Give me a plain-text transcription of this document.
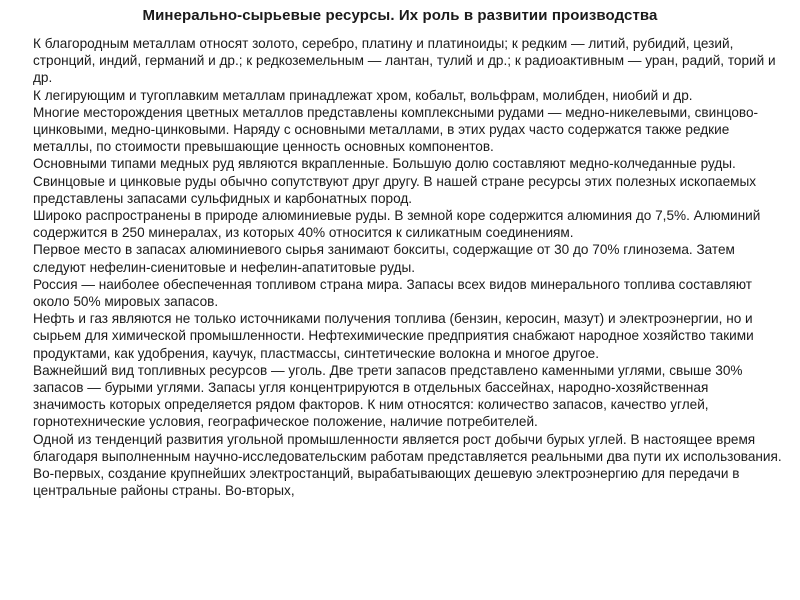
Минерально-сырьевые ресурсы. Их роль в развитии производства

К благородным металлам относят золото, серебро, платину и платиноиды; к редким — литий, рубидий, цезий, стронций, индий, германий и др.; к редкоземельным — лантан, тулий и др.; к радиоактивным — уран, радий, торий и др.

К легирующим и тугоплавким металлам принадлежат хром, кобальт, вольфрам, молибден, ниобий и др.

Многие месторождения цветных металлов представлены комплексными рудами — медно-никелевыми, свинцово-цинковыми, медно-цинковыми. Наряду с основными металлами, в этих рудах часто содержатся также редкие металлы, по стоимости превышающие ценность основных компонентов.

Основными типами медных руд являются вкрапленные. Большую долю составляют медно-колчеданные руды. Свинцовые и цинковые руды обычно сопутствуют друг другу. В нашей стране ресурсы этих полезных ископаемых представлены запасами сульфидных и карбонатных пород.

Широко распространены в природе алюминиевые руды. В земной коре содержится алюминия до 7,5%. Алюминий содержится в 250 минералах, из которых 40% относится к силикатным соединениям.

Первое место в запасах алюминиевого сырья занимают бокситы, содержащие от 30 до 70% глинозема. Затем следуют нефелин-сиенитовые и нефелин-апатитовые руды.

Россия — наиболее обеспеченная топливом страна мира. Запасы всех видов минерального топлива составляют около 50% мировых запасов.

Нефть и газ являются не только источниками получения топлива (бензин, керосин, мазут) и электроэнергии, но и сырьем для химической промышленности. Нефтехимические предприятия снабжают народное хозяйство такими продуктами, как удобрения, каучук, пластмассы, синтетические волокна и многое другое.

Важнейший вид топливных ресурсов — уголь. Две трети запасов представлено каменными углями, свыше 30% запасов — бурыми углями. Запасы угля концентрируются в отдельных бассейнах, народно-хозяйственная значимость которых определяется рядом факторов. К ним относятся: количество запасов, качество углей, горнотехнические условия, географическое положение, наличие потребителей.

Одной из тенденций развития угольной промышленности является рост добычи бурых углей. В настоящее время благодаря выполненным научно-исследовательским работам представляется реальными два пути их использования. Во-первых, создание крупнейших электростанций, вырабатывающих дешевую электроэнергию для передачи в центральные районы страны. Во-вторых,
